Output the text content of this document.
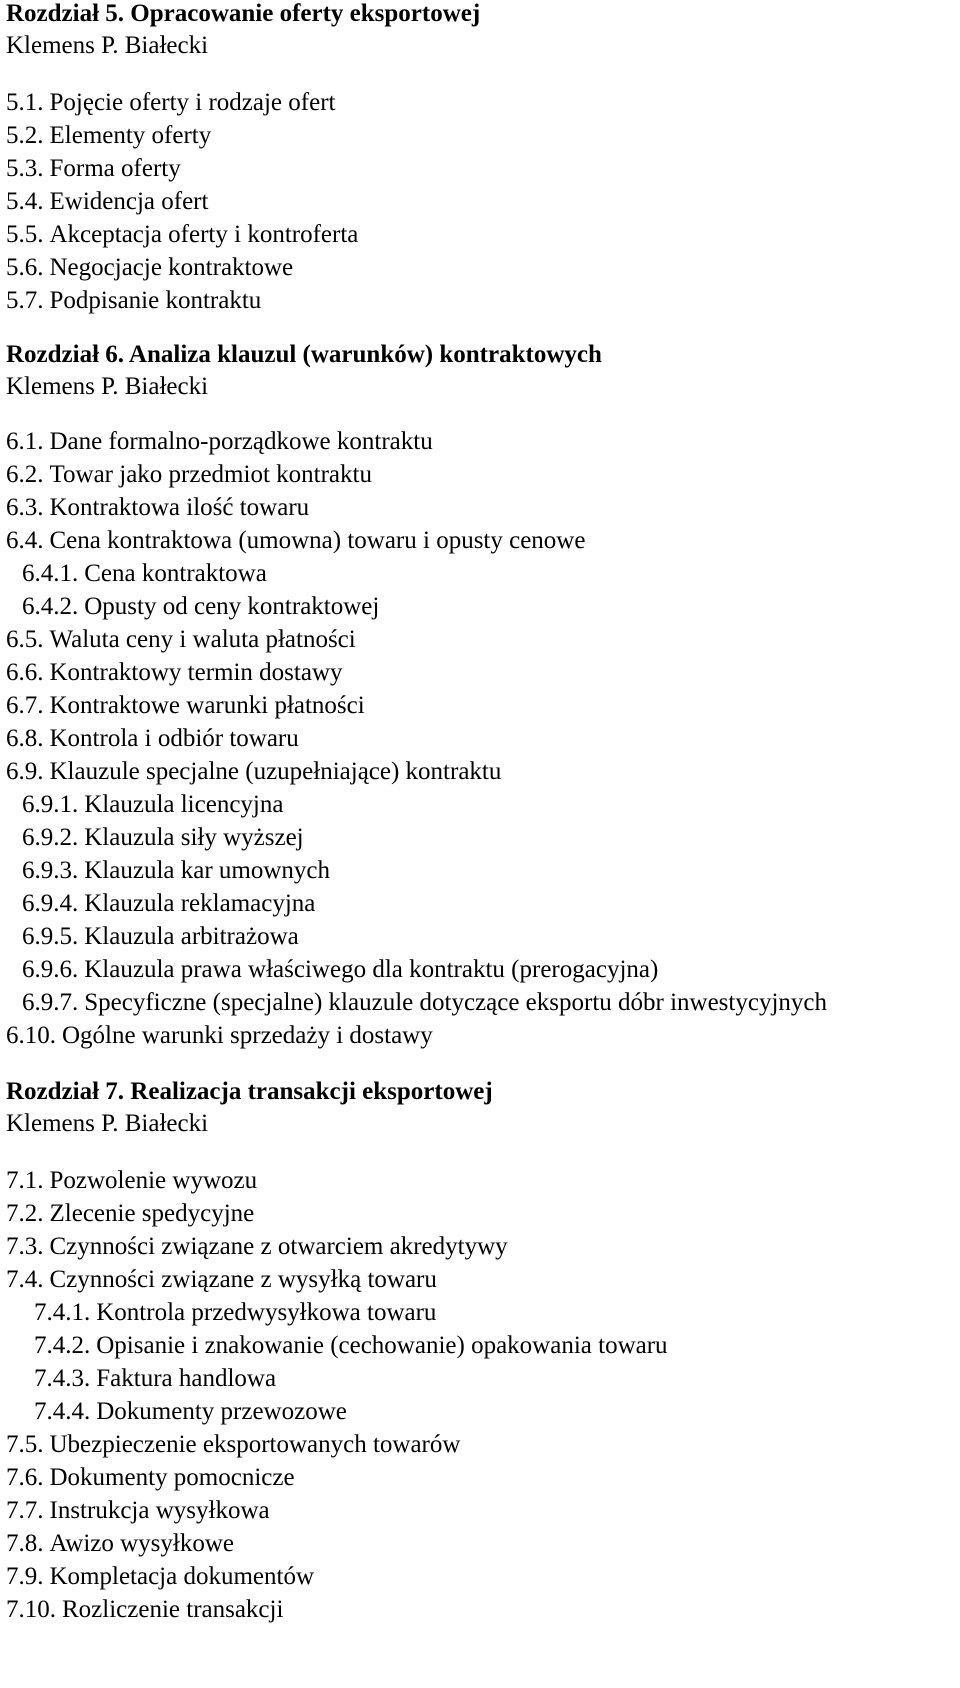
Rozdział 5. Opracowanie oferty eksportowej
Klemens P. Białecki
5.1. Pojęcie oferty i rodzaje ofert
5.2. Elementy oferty
5.3. Forma oferty
5.4. Ewidencja ofert
5.5. Akceptacja oferty i kontroferta
5.6. Negocjacje kontraktowe
5.7. Podpisanie kontraktu
Rozdział 6. Analiza klauzul (warunków) kontraktowych
Klemens P. Białecki
6.1. Dane formalno-porządkowe kontraktu
6.2. Towar jako przedmiot kontraktu
6.3. Kontraktowa ilość towaru
6.4. Cena kontraktowa (umowna) towaru i opusty cenowe
6.4.1. Cena kontraktowa
6.4.2. Opusty od ceny kontraktowej
6.5. Waluta ceny i waluta płatności
6.6. Kontraktowy termin dostawy
6.7. Kontraktowe warunki płatności
6.8. Kontrola i odbiór towaru
6.9. Klauzule specjalne (uzupełniające) kontraktu
6.9.1. Klauzula licencyjna
6.9.2. Klauzula siły wyższej
6.9.3. Klauzula kar umownych
6.9.4. Klauzula reklamacyjna
6.9.5. Klauzula arbitrażowa
6.9.6. Klauzula prawa właściwego dla kontraktu (prerogacyjna)
6.9.7. Specyficzne (specjalne) klauzule dotyczące eksportu dóbr inwestycyjnych
6.10. Ogólne warunki sprzedaży i dostawy
Rozdział 7. Realizacja transakcji eksportowej
Klemens P. Białecki
7.1. Pozwolenie wywozu
7.2. Zlecenie spedycyjne
7.3. Czynności związane z otwarciem akredytywy
7.4. Czynności związane z wysyłką towaru
7.4.1. Kontrola przedwysyłkowa towaru
7.4.2. Opisanie i znakowanie (cechowanie) opakowania towaru
7.4.3. Faktura handlowa
7.4.4. Dokumenty przewozowe
7.5. Ubezpieczenie eksportowanych towarów
7.6. Dokumenty pomocnicze
7.7. Instrukcja wysyłkowa
7.8. Awizo wysyłkowe
7.9. Kompletacja dokumentów
7.10. Rozliczenie transakcji
